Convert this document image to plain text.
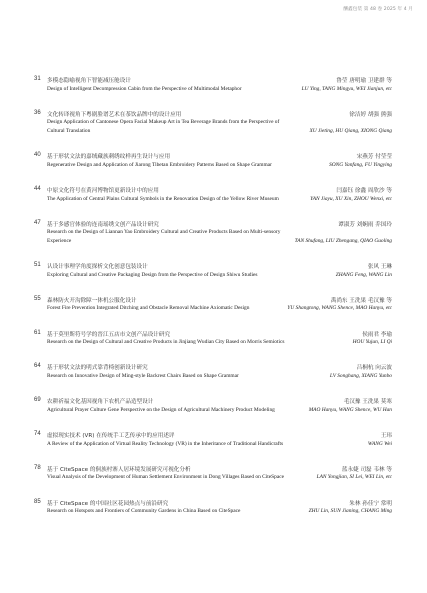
酬鑫包装 第 48 卷 2025 年 4 月
31	多模态隐喻视角下智能减压舱设计	鲁莹 唐明瑜 卫建群 等
Design of Intelligent Decompression Cabin from the Perspective of Multimodal Metaphor	LU Ying, TANG Mingyu, WEI Jianjun, etc
36	文化转译视角下粤剧脸谱艺术在茶饮品牌中的设计应用	徐洁婷 胡强 熊强
Design Application of Cantonese Opera Facial Makeup Art in Tea Beverage Brands from the Perspective of Cultural Translation	XU Jieting, HU Qiang, XIONG Qiang
40	基于形状文法的嘉绒藏族刺绣纹样再生设计与应用	宋燕芳 付莹莹
Regenerative Design and Application of Jiarong Tibetan Embroidery Patterns Based on Shape Grammar	SONG Yanfang, FU Yingying
44	中原文化符号在黄河博物馆更新设计中的应用	闫嘉钰 徐鑫 周欣沙 等
The Application of Central Plains Cultural Symbols in the Renovation Design of the Yellow River Museum	YAN Jiayu, XU Xin, ZHOU Wenxi, etc
47	基于多感官体验的连南瑶绣文创产品设计研究	谭淑芳 刘娴雨 乔国玲
Research on the Design of Liannan Yao Embroidery Cultural and Creative Products Based on Multi-sensory Experience	TAN Shufang, LIU Zhengang, QIAO Guoling
51	认设计事理学角度探析文化创意包装设计	张风 王琳
Exploring Cultural and Creative Packaging Design from the Perspective of Design Shiwu Studies	ZHANG Feng, WANG Lin
55	森林防火开沟除障一体机公服化设计	禹尚东 王洗果 毛汉豫 等
Forest Fire Prevention Integrated Ditching and Obstacle Removal Machine Axiomatic Design	YU Shangtong, WANG Shence, MAO Hanyu, etc
61	基于莫里斯符号学的晋江五店市文创产品设计研究	侯雨君 李瑜
Research on the Design of Cultural and Creative Products in Jinjiang Wudian City Based on Morris Semiotics	HOU Yujun, LI Qi
64	基于形状文法的明式靠背椅创新设计研究	吕桐杭 向云波
Research on Innovative Design of Ming-style Backrest Chairs Based on Shape Grammar	LV Songhang, XIANG Yunbo
69	农耕祈福文化基因视角下农机产品造型设计	毛汉豫 王洗果 莫寒
Agricultural Prayer Culture Gene Perspective on the Design of Agricultural Machinery Product Modeling	MAO Hanyu, WANG Shence, WU Han
74	虚拟现实技术 (VR) 在传统手工艺传承中的应用述评	王玮
A Review of the Application of Virtual Reality Technology (VR) in the Inheritance of Traditional Handicrafts	WANG Wei
78	基于 CiteSpace 的侗族村寨人居环境发展研究可视化分析	蓝永婕 司磊 韦林 等
Visual Analysis of the Development of Human Settlement Environment in Dong Villages Based on CiteSpace	LAN Yongjian, SI Lei, WEI Lin, etc
85	基于 CiteSpace 的中国社区花园热点与前沿研究	朱林 孙佳宁 常明
Research on Hotspots and Frontiers of Community Gardens in China Based on CiteSpace	ZHU Lin, SUN Jianing, CHANG Ming
